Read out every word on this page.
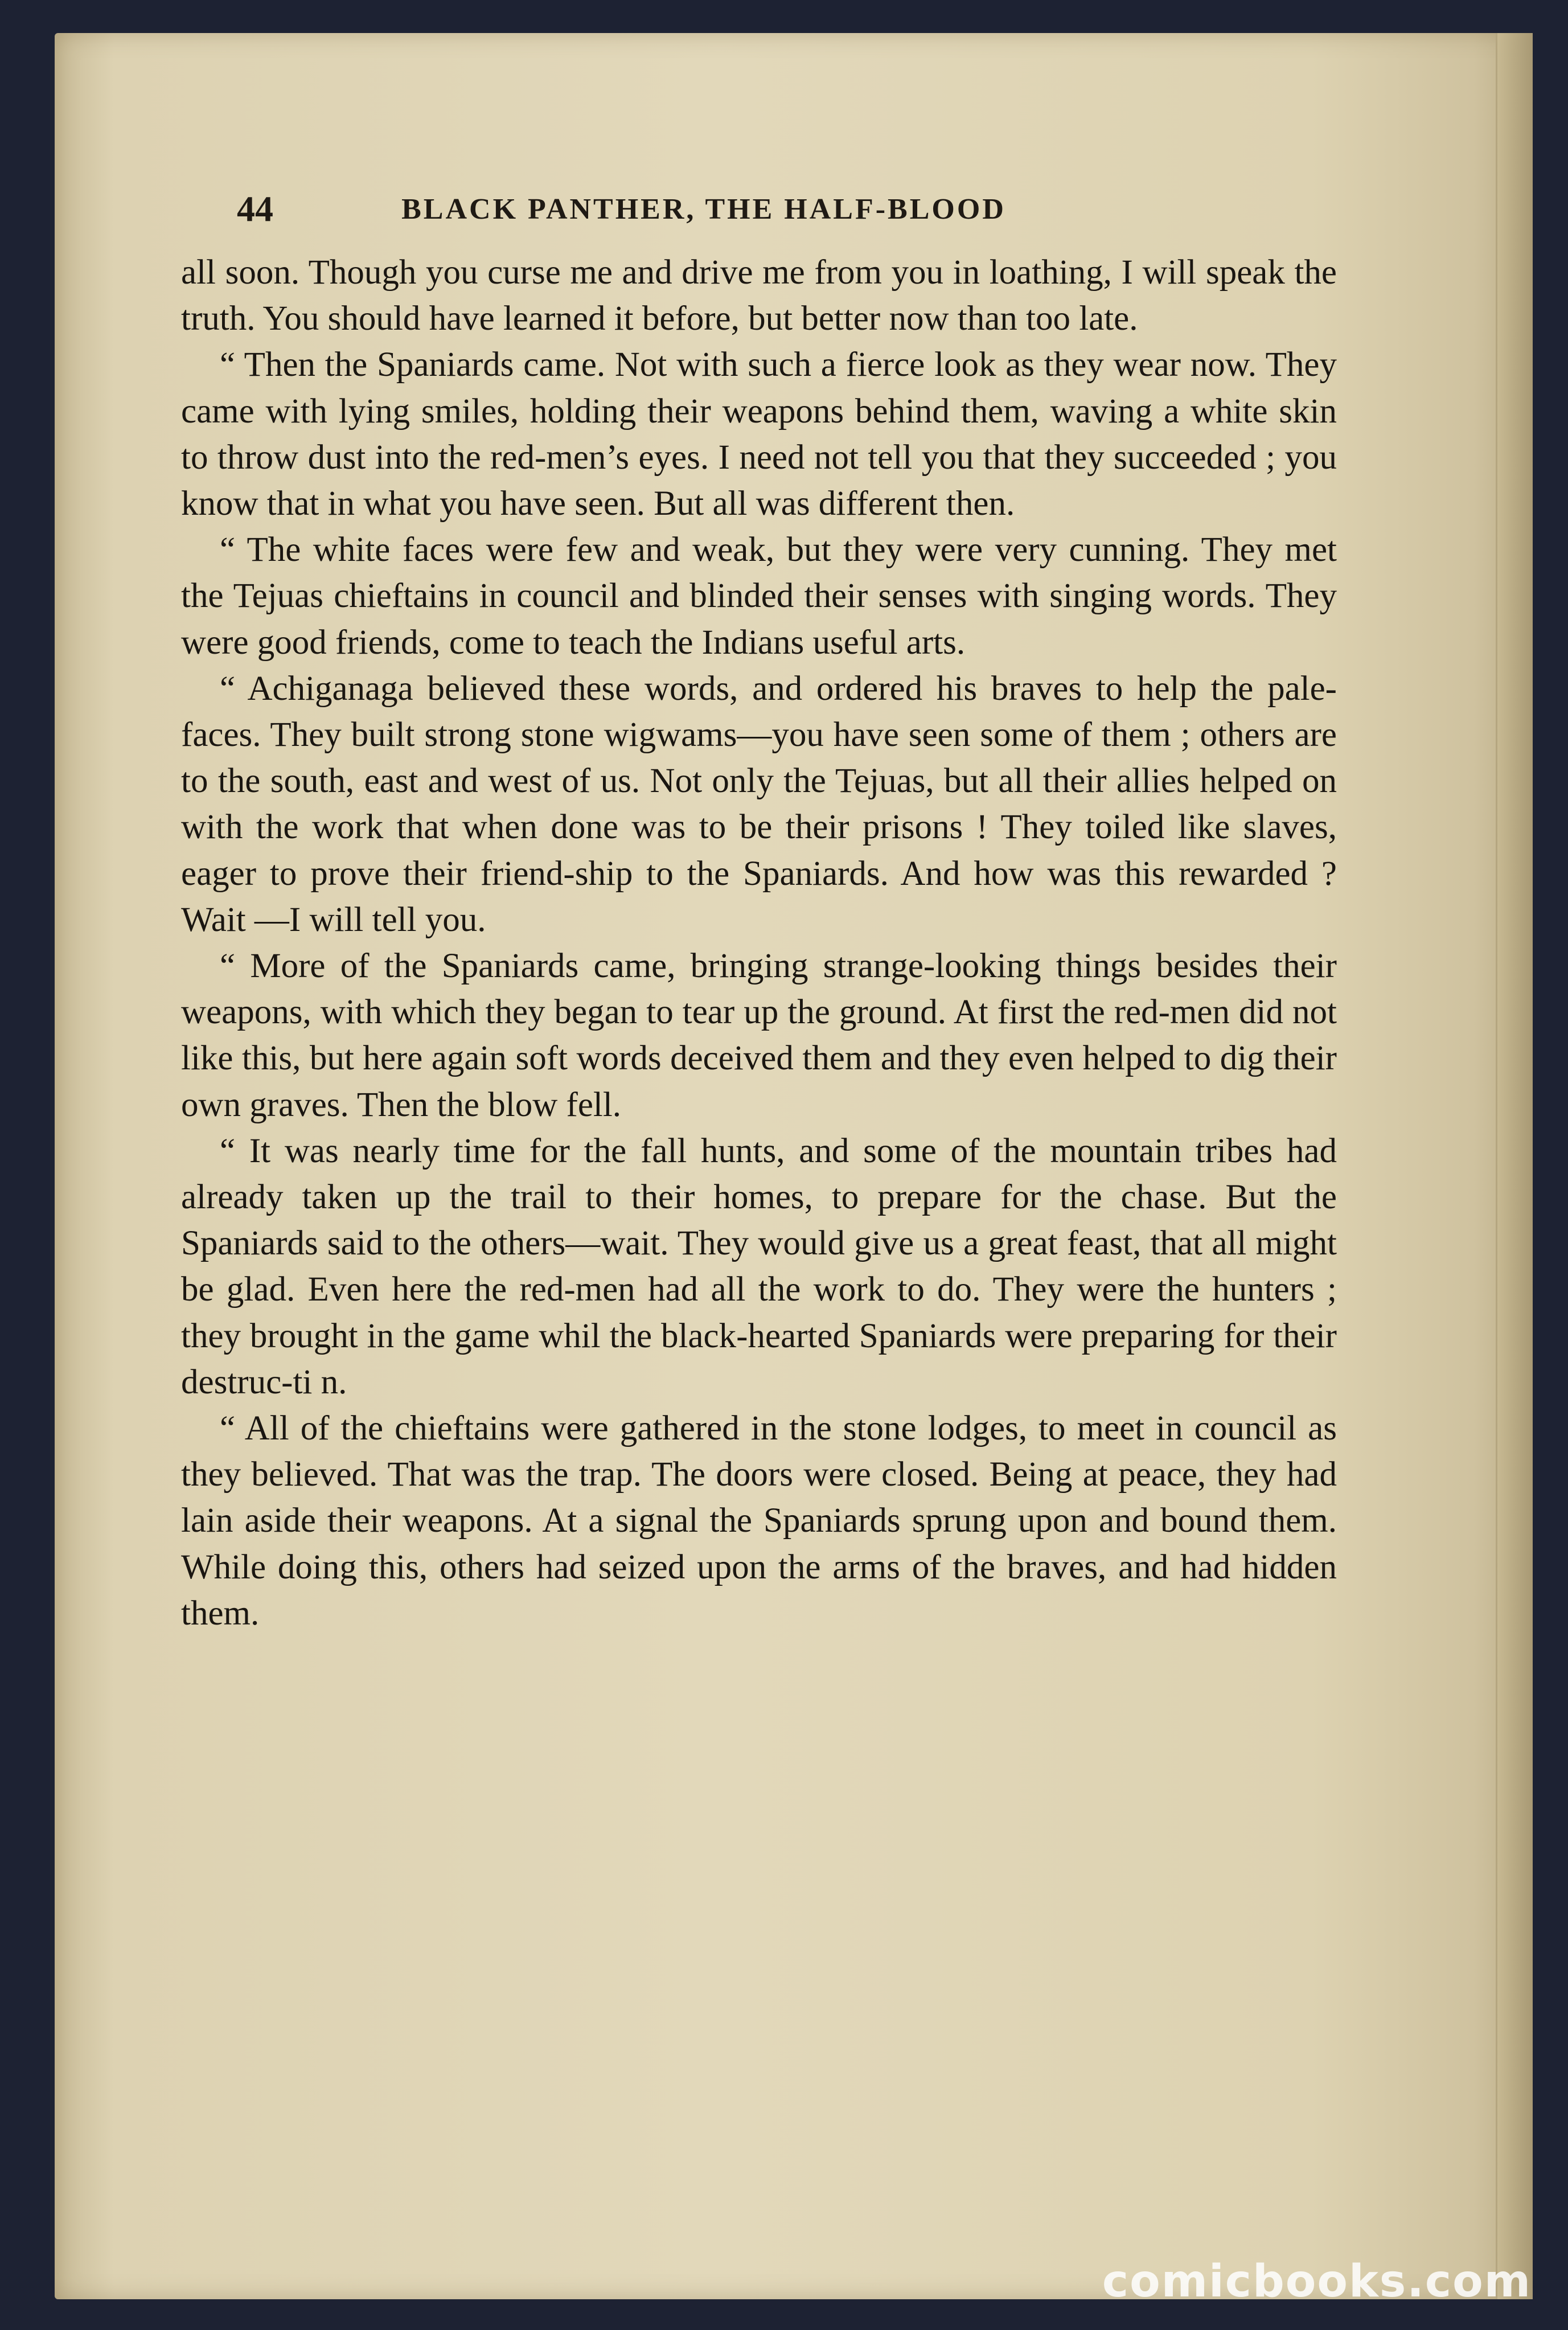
44	BLACK PANTHER, THE HALF-BLOOD

all soon. Though you curse me and drive me from you in loathing, I will speak the truth. You should have learned it before, but better now than too late.

“ Then the Spaniards came. Not with such a fierce look as they wear now. They came with lying smiles, holding their weapons behind them, waving a white skin to throw dust into the red-men’s eyes. I need not tell you that they succeeded ; you know that in what you have seen. But all was different then.

“ The white faces were few and weak, but they were very cunning. They met the Tejuas chieftains in council and blinded their senses with singing words. They were good friends, come to teach the Indians useful arts.

“ Achiganaga believed these words, and ordered his braves to help the pale-faces. They built strong stone wigwams—you have seen some of them ; others are to the south, east and west of us. Not only the Tejuas, but all their allies helped on with the work that when done was to be their prisons ! They toiled like slaves, eager to prove their friend-ship to the Spaniards. And how was this rewarded ? Wait —I will tell you.

“ More of the Spaniards came, bringing strange-looking things besides their weapons, with which they began to tear up the ground. At first the red-men did not like this, but here again soft words deceived them and they even helped to dig their own graves. Then the blow fell.

“ It was nearly time for the fall hunts, and some of the mountain tribes had already taken up the trail to their homes, to prepare for the chase. But the Spaniards said to the others—wait. They would give us a great feast, that all might be glad. Even here the red-men had all the work to do. They were the hunters ; they brought in the game whil the black-hearted Spaniards were preparing for their destruc-ti n.

“ All of the chieftains were gathered in the stone lodges, to meet in council as they believed. That was the trap. The doors were closed. Being at peace, they had lain aside their weapons. At a signal the Spaniards sprung upon and bound them. While doing this, others had seized upon the arms of the braves, and had hidden them.

comicbooks.com
